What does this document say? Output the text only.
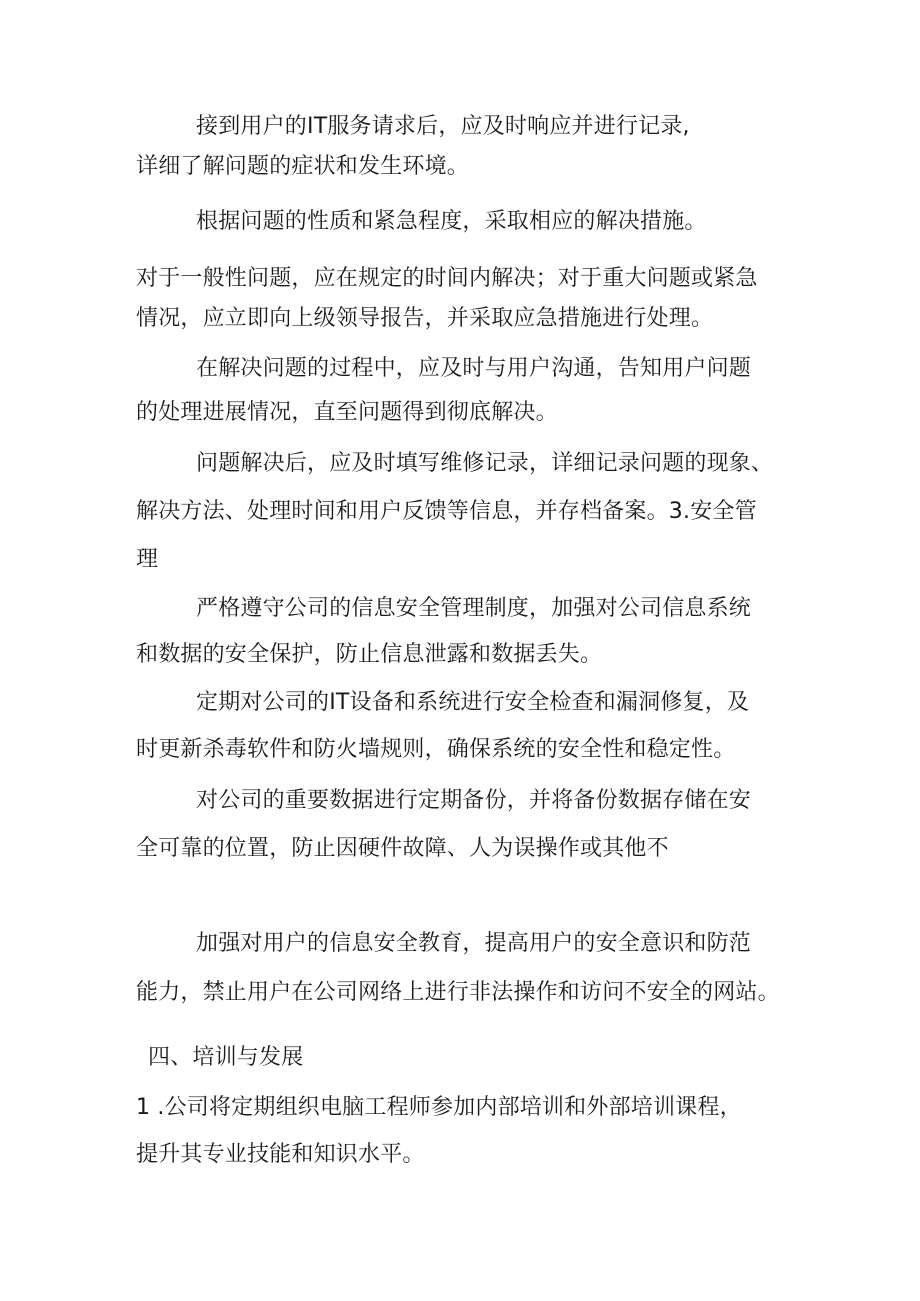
接到用户的IT服务请求后，应及时响应并进行记录,
详细了解问题的症状和发生环境。
根据问题的性质和紧急程度，采取相应的解决措施。
对于一般性问题，应在规定的时间内解决；对于重大问题或紧急
情况，应立即向上级领导报告，并采取应急措施进行处理。
在解决问题的过程中，应及时与用户沟通，告知用户问题
的处理进展情况，直至问题得到彻底解决。
问题解决后，应及时填写维修记录，详细记录问题的现象、
解决方法、处理时间和用户反馈等信息，并存档备案。3.安全管
理
严格遵守公司的信息安全管理制度，加强对公司信息系统
和数据的安全保护，防止信息泄露和数据丢失。
定期对公司的IT设备和系统进行安全检查和漏洞修复，及
时更新杀毒软件和防火墙规则，确保系统的安全性和稳定性。
对公司的重要数据进行定期备份，并将备份数据存储在安
全可靠的位置，防止因硬件故障、人为误操作或其他不
加强对用户的信息安全教育，提高用户的安全意识和防范
能力，禁止用户在公司网络上进行非法操作和访问不安全的网站。
四、培训与发展
1 .公司将定期组织电脑工程师参加内部培训和外部培训课程，
提升其专业技能和知识水平。
